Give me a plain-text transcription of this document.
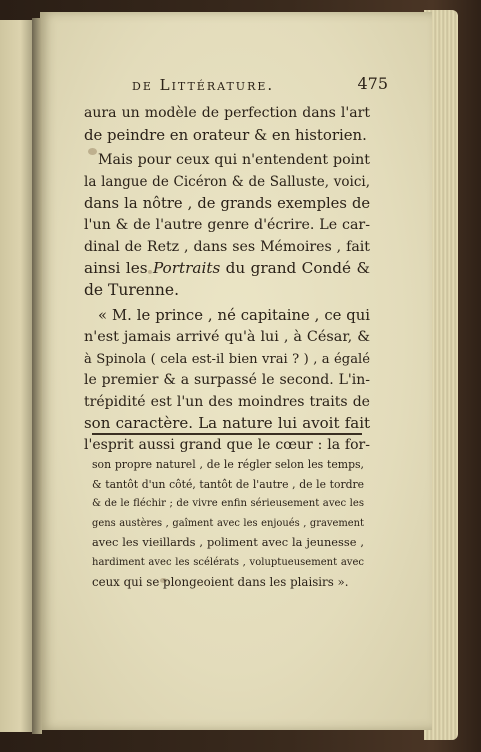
de Littérature.	475

aura un modèle de perfection dans l'art
de peindre en orateur & en historien.

Mais pour ceux qui n'entendent point
la langue de Cicéron & de Salluste, voici,
dans la nôtre , de grands exemples de
l'un & de l'autre genre d'écrire. Le car-
dinal de Retz , dans ses Mémoires , fait
ainsi les Portraits du grand Condé &
de Turenne.

« M. le prince , né capitaine , ce qui
n'est jamais arrivé qu'à lui , à César, &
à Spinola ( cela est-il bien vrai ? ) , a égalé
le premier & a surpassé le second. L'in-
trépidité est l'un des moindres traits de
son caractère. La nature lui avoit fait
l'esprit aussi grand que le cœur : la for-

son propre naturel , de le régler selon les temps,
& tantôt d'un côté, tantôt de l'autre , de le tordre
& de le fléchir ; de vivre enfin sérieusement avec les
gens austères , gaîment avec les enjoués , gravement
avec les vieillards , poliment avec la jeunesse ,
hardiment avec les scélérats , voluptueusement avec
ceux qui se plongeoient dans les plaisirs ».
